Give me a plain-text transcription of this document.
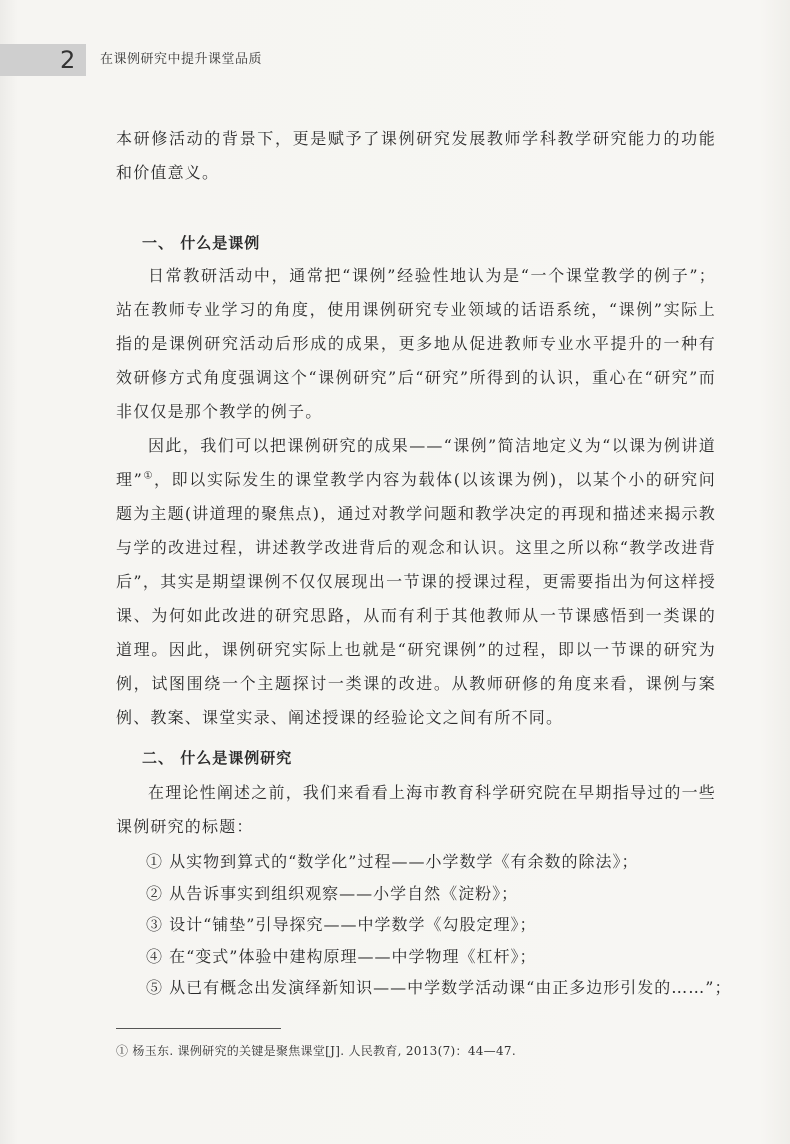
2 在课例研究中提升课堂品质

本研修活动的背景下，更是赋予了课例研究发展教师学科教学研究能力的功能和价值意义。

一、 什么是课例

日常教研活动中，通常把“课例”经验性地认为是“一个课堂教学的例子”；站在教师专业学习的角度，使用课例研究专业领域的话语系统，“课例”实际上指的是课例研究活动后形成的成果，更多地从促进教师专业水平提升的一种有效研修方式角度强调这个“课例研究”后“研究”所得到的认识，重心在“研究”而非仅仅是那个教学的例子。

因此，我们可以把课例研究的成果——“课例”简洁地定义为“以课为例讲道理”①，即以实际发生的课堂教学内容为载体(以该课为例)，以某个小的研究问题为主题(讲道理的聚焦点)，通过对教学问题和教学决定的再现和描述来揭示教与学的改进过程，讲述教学改进背后的观念和认识。这里之所以称“教学改进背后”，其实是期望课例不仅仅展现出一节课的授课过程，更需要指出为何这样授课、为何如此改进的研究思路，从而有利于其他教师从一节课感悟到一类课的道理。因此，课例研究实际上也就是“研究课例”的过程，即以一节课的研究为例，试图围绕一个主题探讨一类课的改进。从教师研修的角度来看，课例与案例、教案、课堂实录、阐述授课的经验论文之间有所不同。

二、 什么是课例研究

在理论性阐述之前，我们来看看上海市教育科学研究院在早期指导过的一些课例研究的标题：

① 从实物到算式的“数学化”过程——小学数学《有余数的除法》；
② 从告诉事实到组织观察——小学自然《淀粉》；
③ 设计“铺垫”引导探究——中学数学《勾股定理》；
④ 在“变式”体验中建构原理——中学物理《杠杆》；
⑤ 从已有概念出发演绎新知识——中学数学活动课“由正多边形引发的……”；
① 杨玉东. 课例研究的关键是聚焦课堂[J]. 人民教育, 2013(7)：44—47.
